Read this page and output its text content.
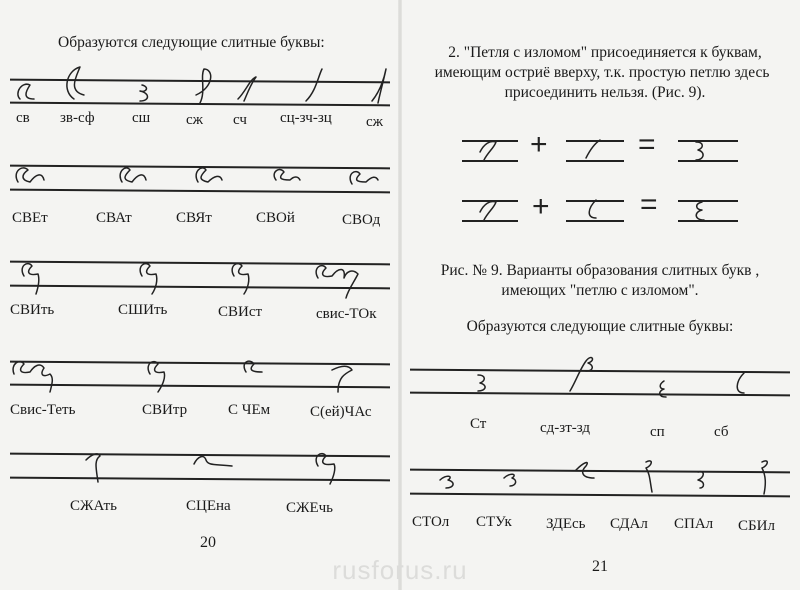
Образуются следующие слитные буквы:
св зв-сф сш сж сч сц-зч-зц сж
СВЕт	СВАт	СВЯт	СВОй	СВОд
СВИть	СШИть	СВИст	свис-ТОк
Свис-Теть	СВИтр	С ЧЕм	С(ей)ЧАс
СЖАть	СЦЕна	СЖЕчь
20
2. "Петля с изломом" присоединяется к буквам,
имеющим остриё вверху, т.к. простую петлю здесь
присоединить нельзя. (Рис. 9).
+	=
+	=
Рис. № 9. Варианты образования слитных букв ,
имеющих "петлю с изломом".
Образуются следующие слитные буквы:
Ст	сд-зт-зд	сп	сб
СТОл СТУк ЗДЕсь СДАл СПАл СБИл
21
rusforus.ru
